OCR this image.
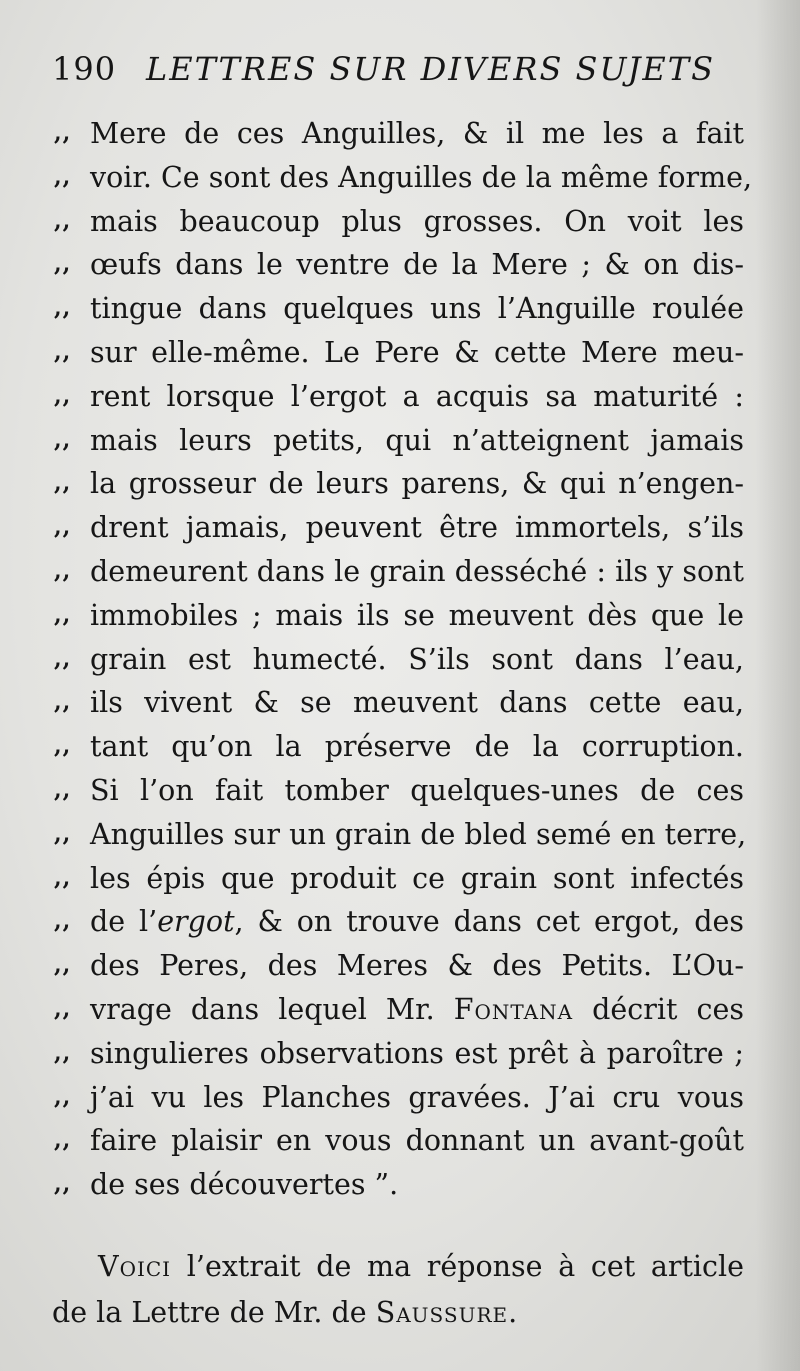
190 LETTRES SUR DIVERS SUJETS
,, Mere de ces Anguilles, & il me les a fait
,, voir. Ce sont des Anguilles de la même forme,
,, mais beaucoup plus grosses. On voit les
,, œufs dans le ventre de la Mere ; & on dis-
,, tingue dans quelques uns l’Anguille roulée
,, sur elle-même. Le Pere & cette Mere meu-
,, rent lorsque l’ergot a acquis sa maturité :
,, mais leurs petits, qui n’atteignent jamais
,, la grosseur de leurs parens, & qui n’engen-
,, drent jamais, peuvent être immortels, s’ils
,, demeurent dans le grain desséché : ils y sont
,, immobiles ; mais ils se meuvent dès que le
,, grain est humecté. S’ils sont dans l’eau,
,, ils vivent & se meuvent dans cette eau,
,, tant qu’on la préserve de la corruption.
,, Si l’on fait tomber quelques-unes de ces
,, Anguilles sur un grain de bled semé en terre,
,, les épis que produit ce grain sont infectés
,, de l’ergot, & on trouve dans cet ergot, des
,, des Peres, des Meres & des Petits. L’Ou-
,, vrage dans lequel Mr. Fontana décrit ces
,, singulieres observations est prêt à paroître ;
,, j’ai vu les Planches gravées. J’ai cru vous
,, faire plaisir en vous donnant un avant-goût
,, de ses découvertes ”.
Voici l’extrait de ma réponse à cet article
de la Lettre de Mr. de Saussure.
